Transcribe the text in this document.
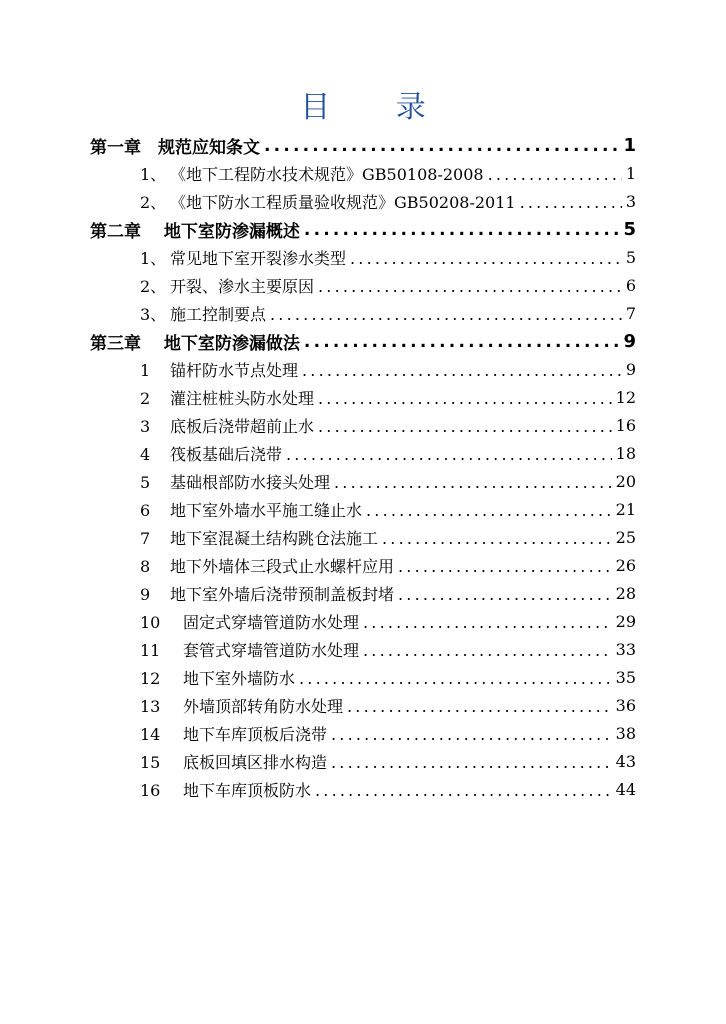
目 录
第一章　规范应知条文 .....	1
1、 《地下工程防水技术规范》GB50108-2008 .....	1
2、 《地下防水工程质量验收规范》GB50208-2011 .....	3
第二章　 地下室防渗漏概述 .....	5
1、 常见地下室开裂渗水类型 .....	5
2、 开裂、渗水主要原因 .....	6
3、 施工控制要点 .....	7
第三章　 地下室防渗漏做法 .....	9
1 锚杆防水节点处理 .....	9
2 灌注桩桩头防水处理 .....	12
3 底板后浇带超前止水 .....	16
4 筏板基础后浇带 .....	18
5 基础根部防水接头处理 .....	20
6 地下室外墙水平施工缝止水 .....	21
7 地下室混凝土结构跳仓法施工 .....	25
8 地下外墙体三段式止水螺杆应用 .....	26
9 地下室外墙后浇带预制盖板封堵 .....	28
10 固定式穿墙管道防水处理 .....	29
11 套管式穿墙管道防水处理 .....	33
12 地下室外墙防水 .....	35
13 外墙顶部转角防水处理 .....	36
14 地下车库顶板后浇带 .....	38
15 底板回填区排水构造 .....	43
16 地下车库顶板防水 .....	44
